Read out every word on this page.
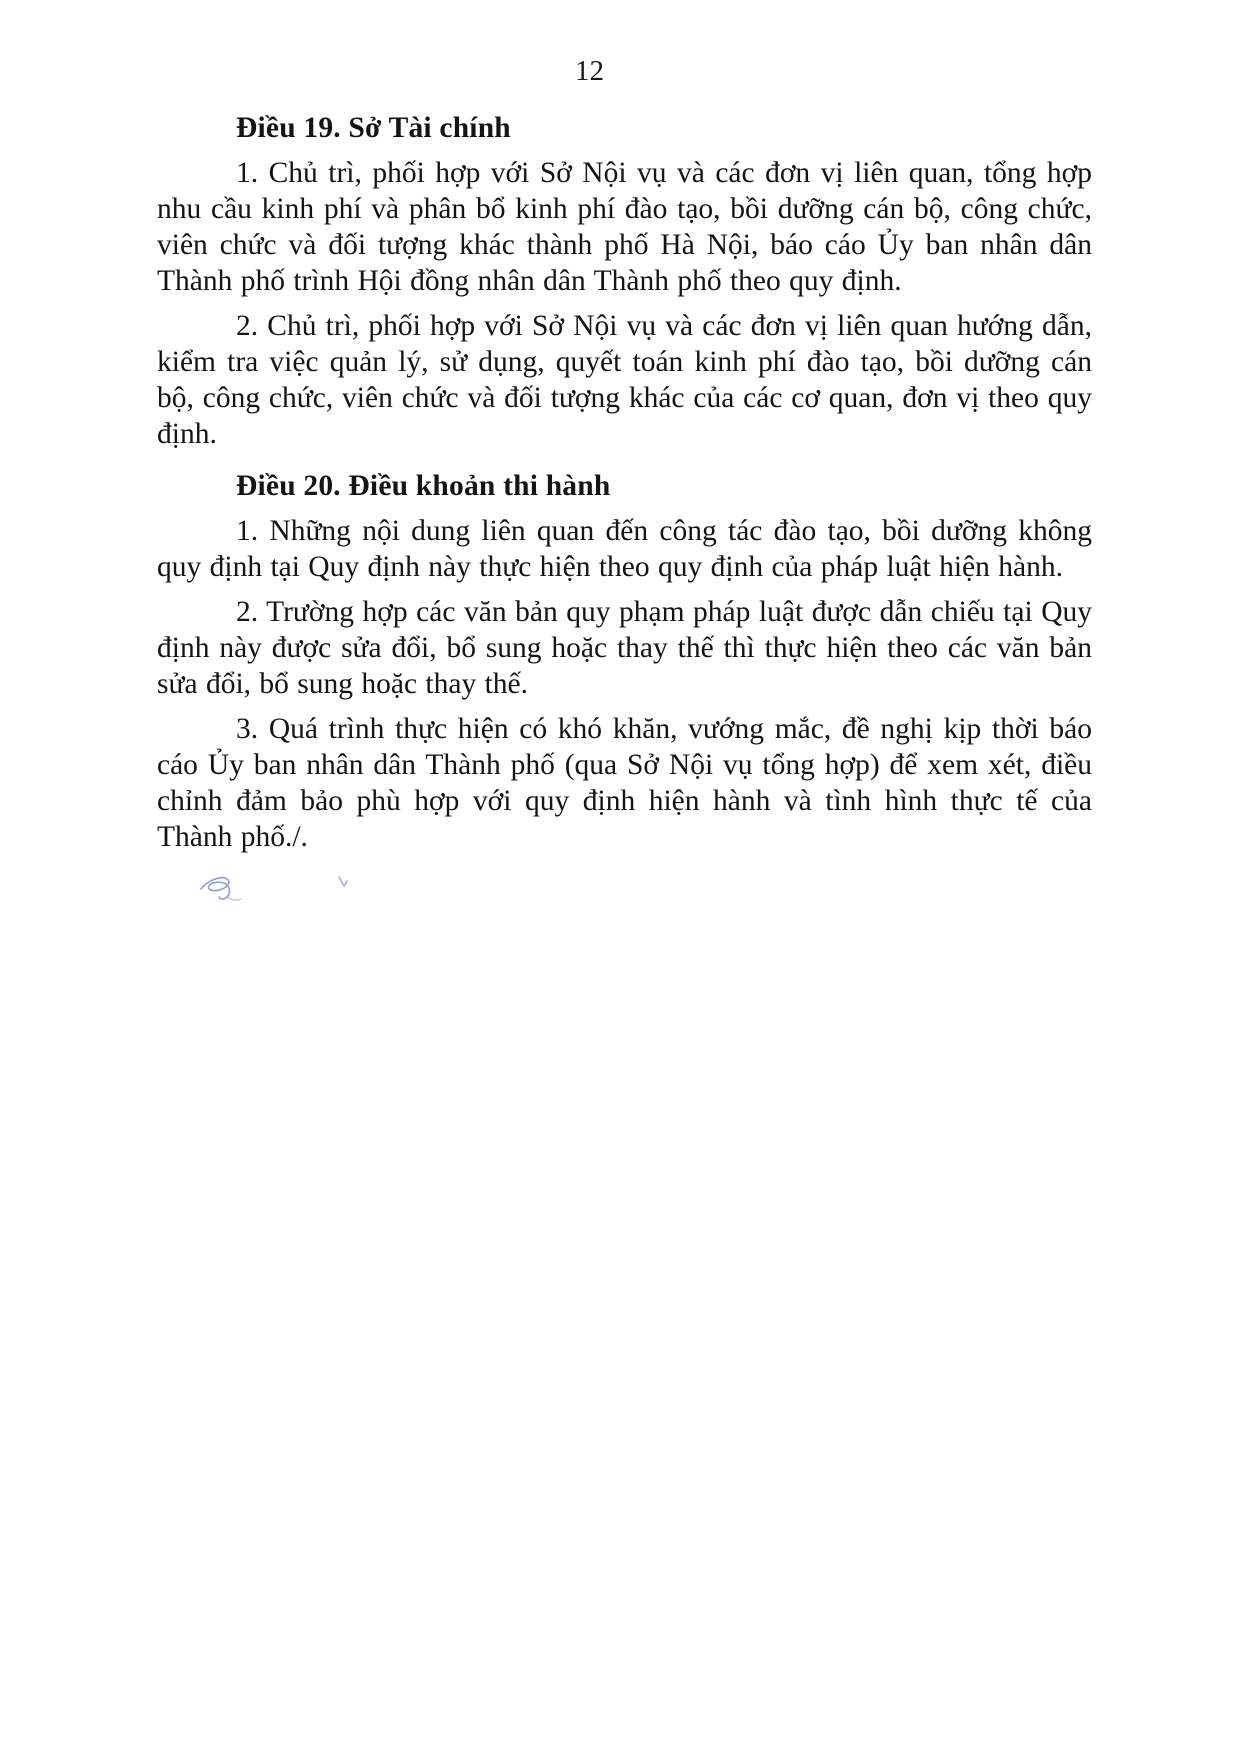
12
Điều 19. Sở Tài chính

1. Chủ trì, phối hợp với Sở Nội vụ và các đơn vị liên quan, tổng hợp nhu cầu kinh phí và phân bổ kinh phí đào tạo, bồi dưỡng cán bộ, công chức, viên chức và đối tượng khác thành phố Hà Nội, báo cáo Ủy ban nhân dân Thành phố trình Hội đồng nhân dân Thành phố theo quy định.

2. Chủ trì, phối hợp với Sở Nội vụ và các đơn vị liên quan hướng dẫn, kiểm tra việc quản lý, sử dụng, quyết toán kinh phí đào tạo, bồi dưỡng cán bộ, công chức, viên chức và đối tượng khác của các cơ quan, đơn vị theo quy định.

Điều 20. Điều khoản thi hành

1. Những nội dung liên quan đến công tác đào tạo, bồi dưỡng không quy định tại Quy định này thực hiện theo quy định của pháp luật hiện hành.

2. Trường hợp các văn bản quy phạm pháp luật được dẫn chiếu tại Quy định này được sửa đổi, bổ sung hoặc thay thế thì thực hiện theo các văn bản sửa đổi, bổ sung hoặc thay thế.

3. Quá trình thực hiện có khó khăn, vướng mắc, đề nghị kịp thời báo cáo Ủy ban nhân dân Thành phố (qua Sở Nội vụ tổng hợp) để xem xét, điều chỉnh đảm bảo phù hợp với quy định hiện hành và tình hình thực tế của Thành phố./.
